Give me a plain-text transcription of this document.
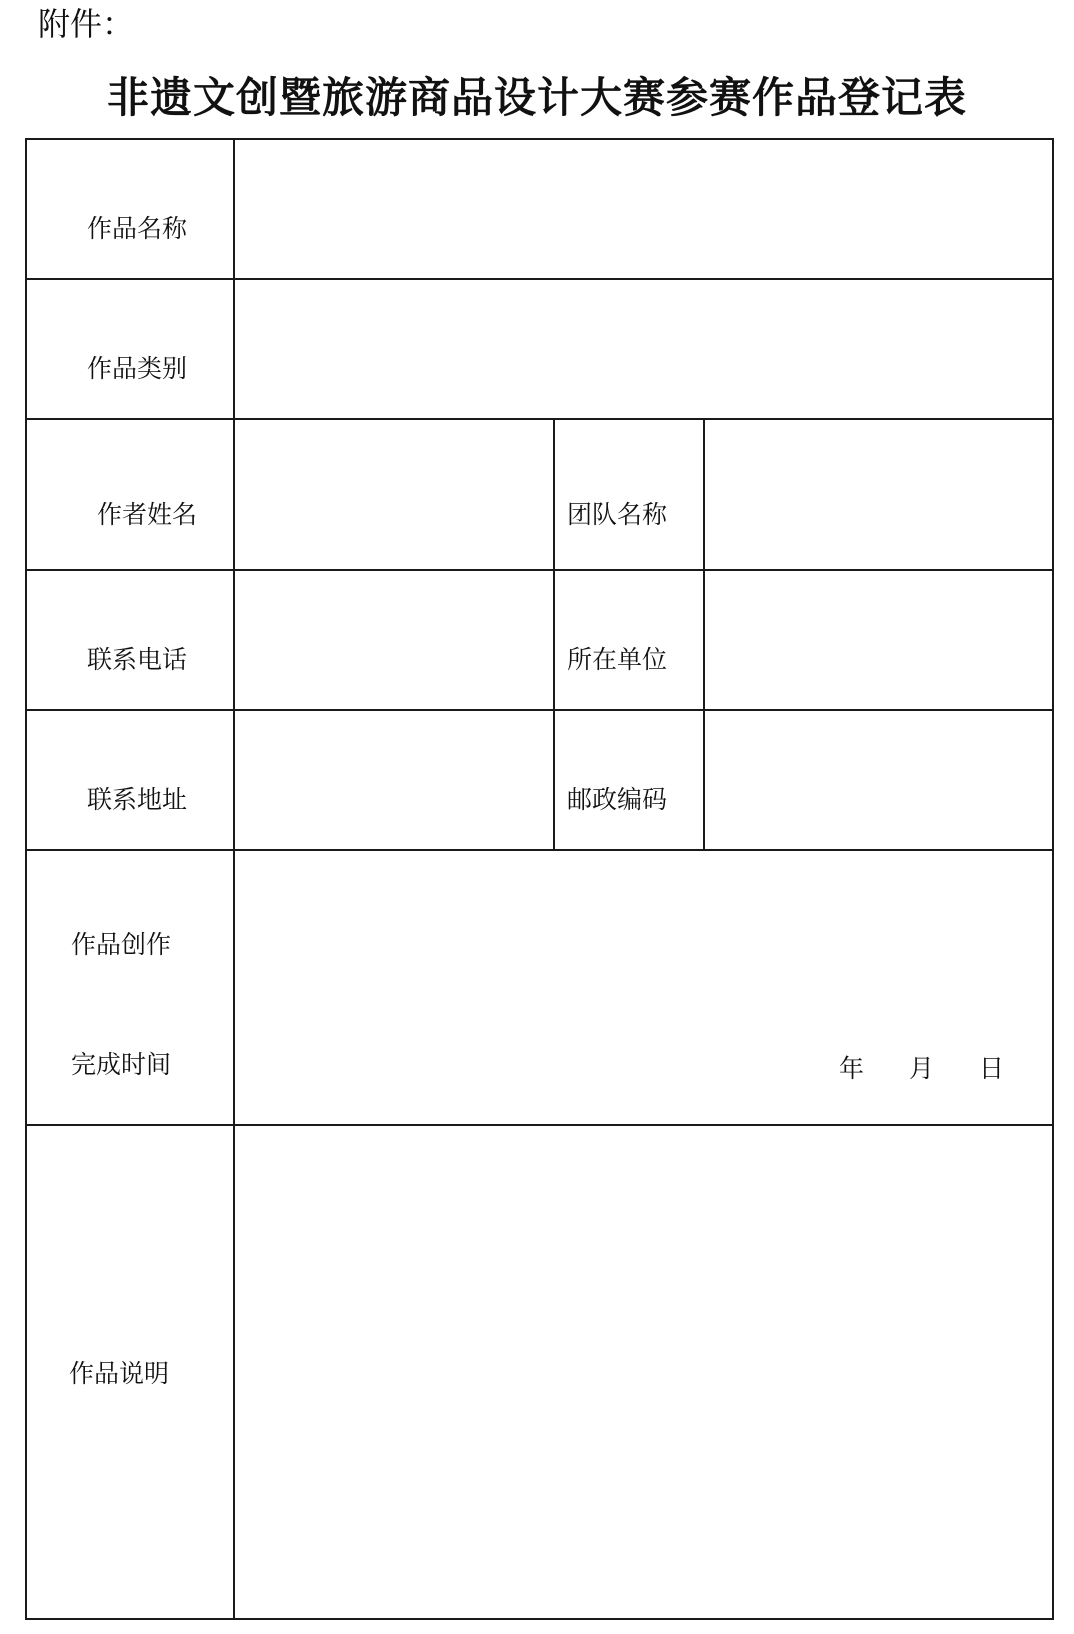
附件：
非遗文创暨旅游商品设计大赛参赛作品登记表
作品名称			
作品类别			
作者姓名		团队名称	
联系电话		所在单位	
联系地址		邮政编码	

作品创作
完成时间	年 月 日		

作品说明			
